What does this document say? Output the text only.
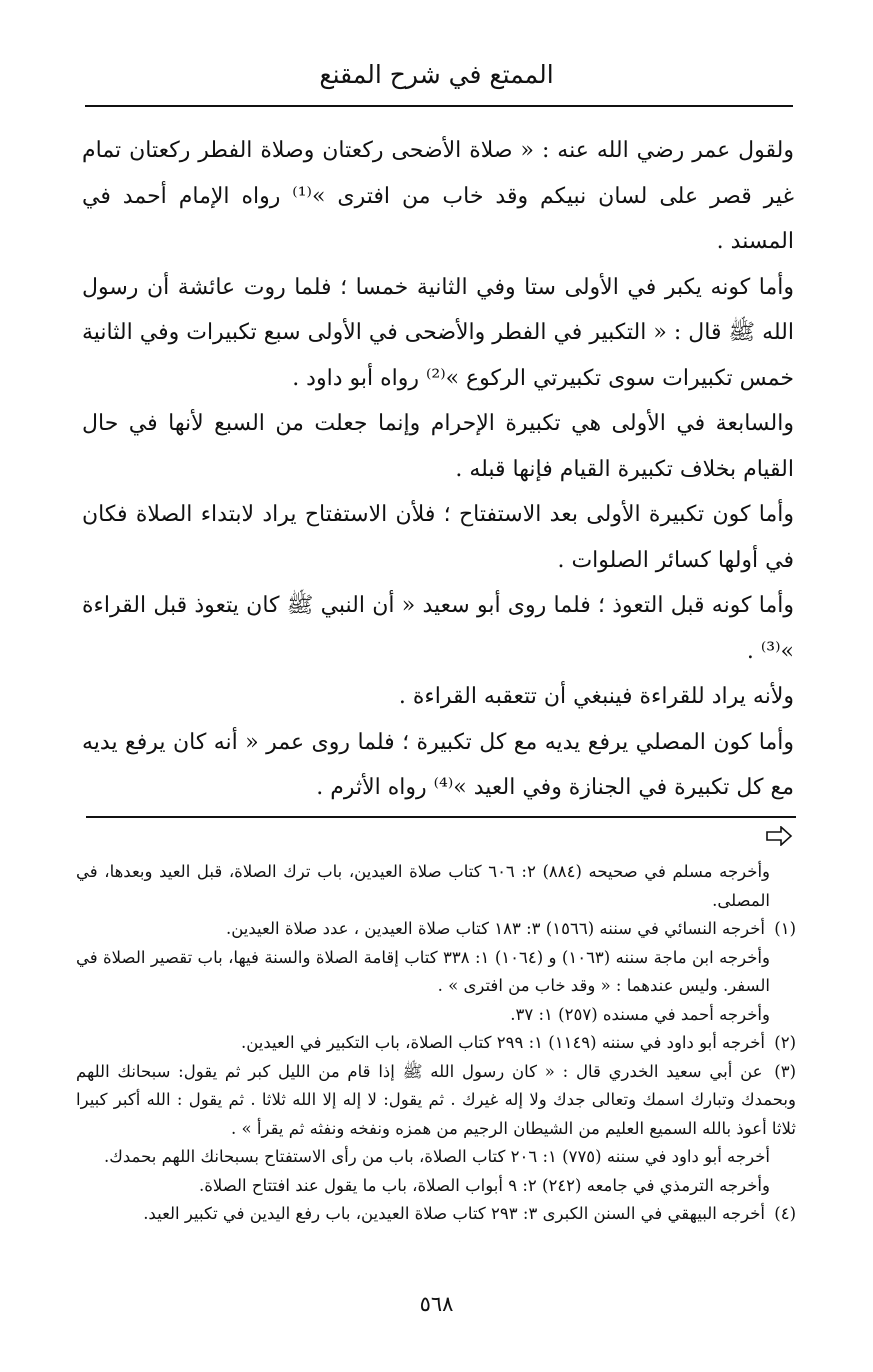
الممتع في شرح المقنع

ولقول عمر رضي الله عنه : « صلاة الأضحى ركعتان وصلاة الفطر ركعتان تمام غير قصر على لسان نبيكم وقد خاب من افترى »⁽¹⁾ رواه الإمام أحمد في المسند .

وأما كونه يكبر في الأولى ستا وفي الثانية خمسا ؛ فلما روت عائشة أن رسول الله ﷺ قال : « التكبير في الفطر والأضحى في الأولى سبع تكبيرات وفي الثانية خمس تكبيرات سوى تكبيرتي الركوع »⁽²⁾ رواه أبو داود .

والسابعة في الأولى هي تكبيرة الإحرام وإنما جعلت من السبع لأنها في حال القيام بخلاف تكبيرة القيام فإنها قبله .

وأما كون تكبيرة الأولى بعد الاستفتاح ؛ فلأن الاستفتاح يراد لابتداء الصلاة فكان في أولها كسائر الصلوات .

وأما كونه قبل التعوذ ؛ فلما روى أبو سعيد « أن النبي ﷺ كان يتعوذ قبل القراءة »⁽³⁾ .

ولأنه يراد للقراءة فينبغي أن تتعقبه القراءة .

وأما كون المصلي يرفع يديه مع كل تكبيرة ؛ فلما روى عمر « أنه كان يرفع يديه مع كل تكبيرة في الجنازة وفي العيد »⁽⁴⁾ رواه الأثرم .

وأخرجه مسلم في صحيحه (٨٨٤) ٢: ٦٠٦ كتاب صلاة العيدين، باب ترك الصلاة، قبل العيد وبعدها، في المصلى.

(١) أخرجه النسائي في سننه (١٥٦٦) ٣: ١٨٣ كتاب صلاة العيدين ، عدد صلاة العيدين.

وأخرجه ابن ماجة سننه (١٠٦٣) و (١٠٦٤) ١: ٣٣٨ كتاب إقامة الصلاة والسنة فيها، باب تقصير الصلاة في السفر. وليس عندهما : « وقد خاب من افترى » .

وأخرجه أحمد في مسنده (٢٥٧) ١: ٣٧.

(٢) أخرجه أبو داود في سننه (١١٤٩) ١: ٢٩٩ كتاب الصلاة، باب التكبير في العيدين.

(٣) عن أبي سعيد الخدري قال : « كان رسول الله ﷺ إذا قام من الليل كبر ثم يقول: سبحانك اللهم وبحمدك وتبارك اسمك وتعالى جدك ولا إله غيرك . ثم يقول: لا إله إلا الله ثلاثا . ثم يقول : الله أكبر كبيرا ثلاثا أعوذ بالله السميع العليم من الشيطان الرجيم من همزه ونفخه ونفثه ثم يقرأ » .

أخرجه أبو داود في سننه (٧٧٥) ١: ٢٠٦ كتاب الصلاة، باب من رأى الاستفتاح بسبحانك اللهم بحمدك.

وأخرجه الترمذي في جامعه (٢٤٢) ٢: ٩ أبواب الصلاة، باب ما يقول عند افتتاح الصلاة.

(٤) أخرجه البيهقي في السنن الكبرى ٣: ٢٩٣ كتاب صلاة العيدين، باب رفع اليدين في تكبير العيد.

٥٦٨
